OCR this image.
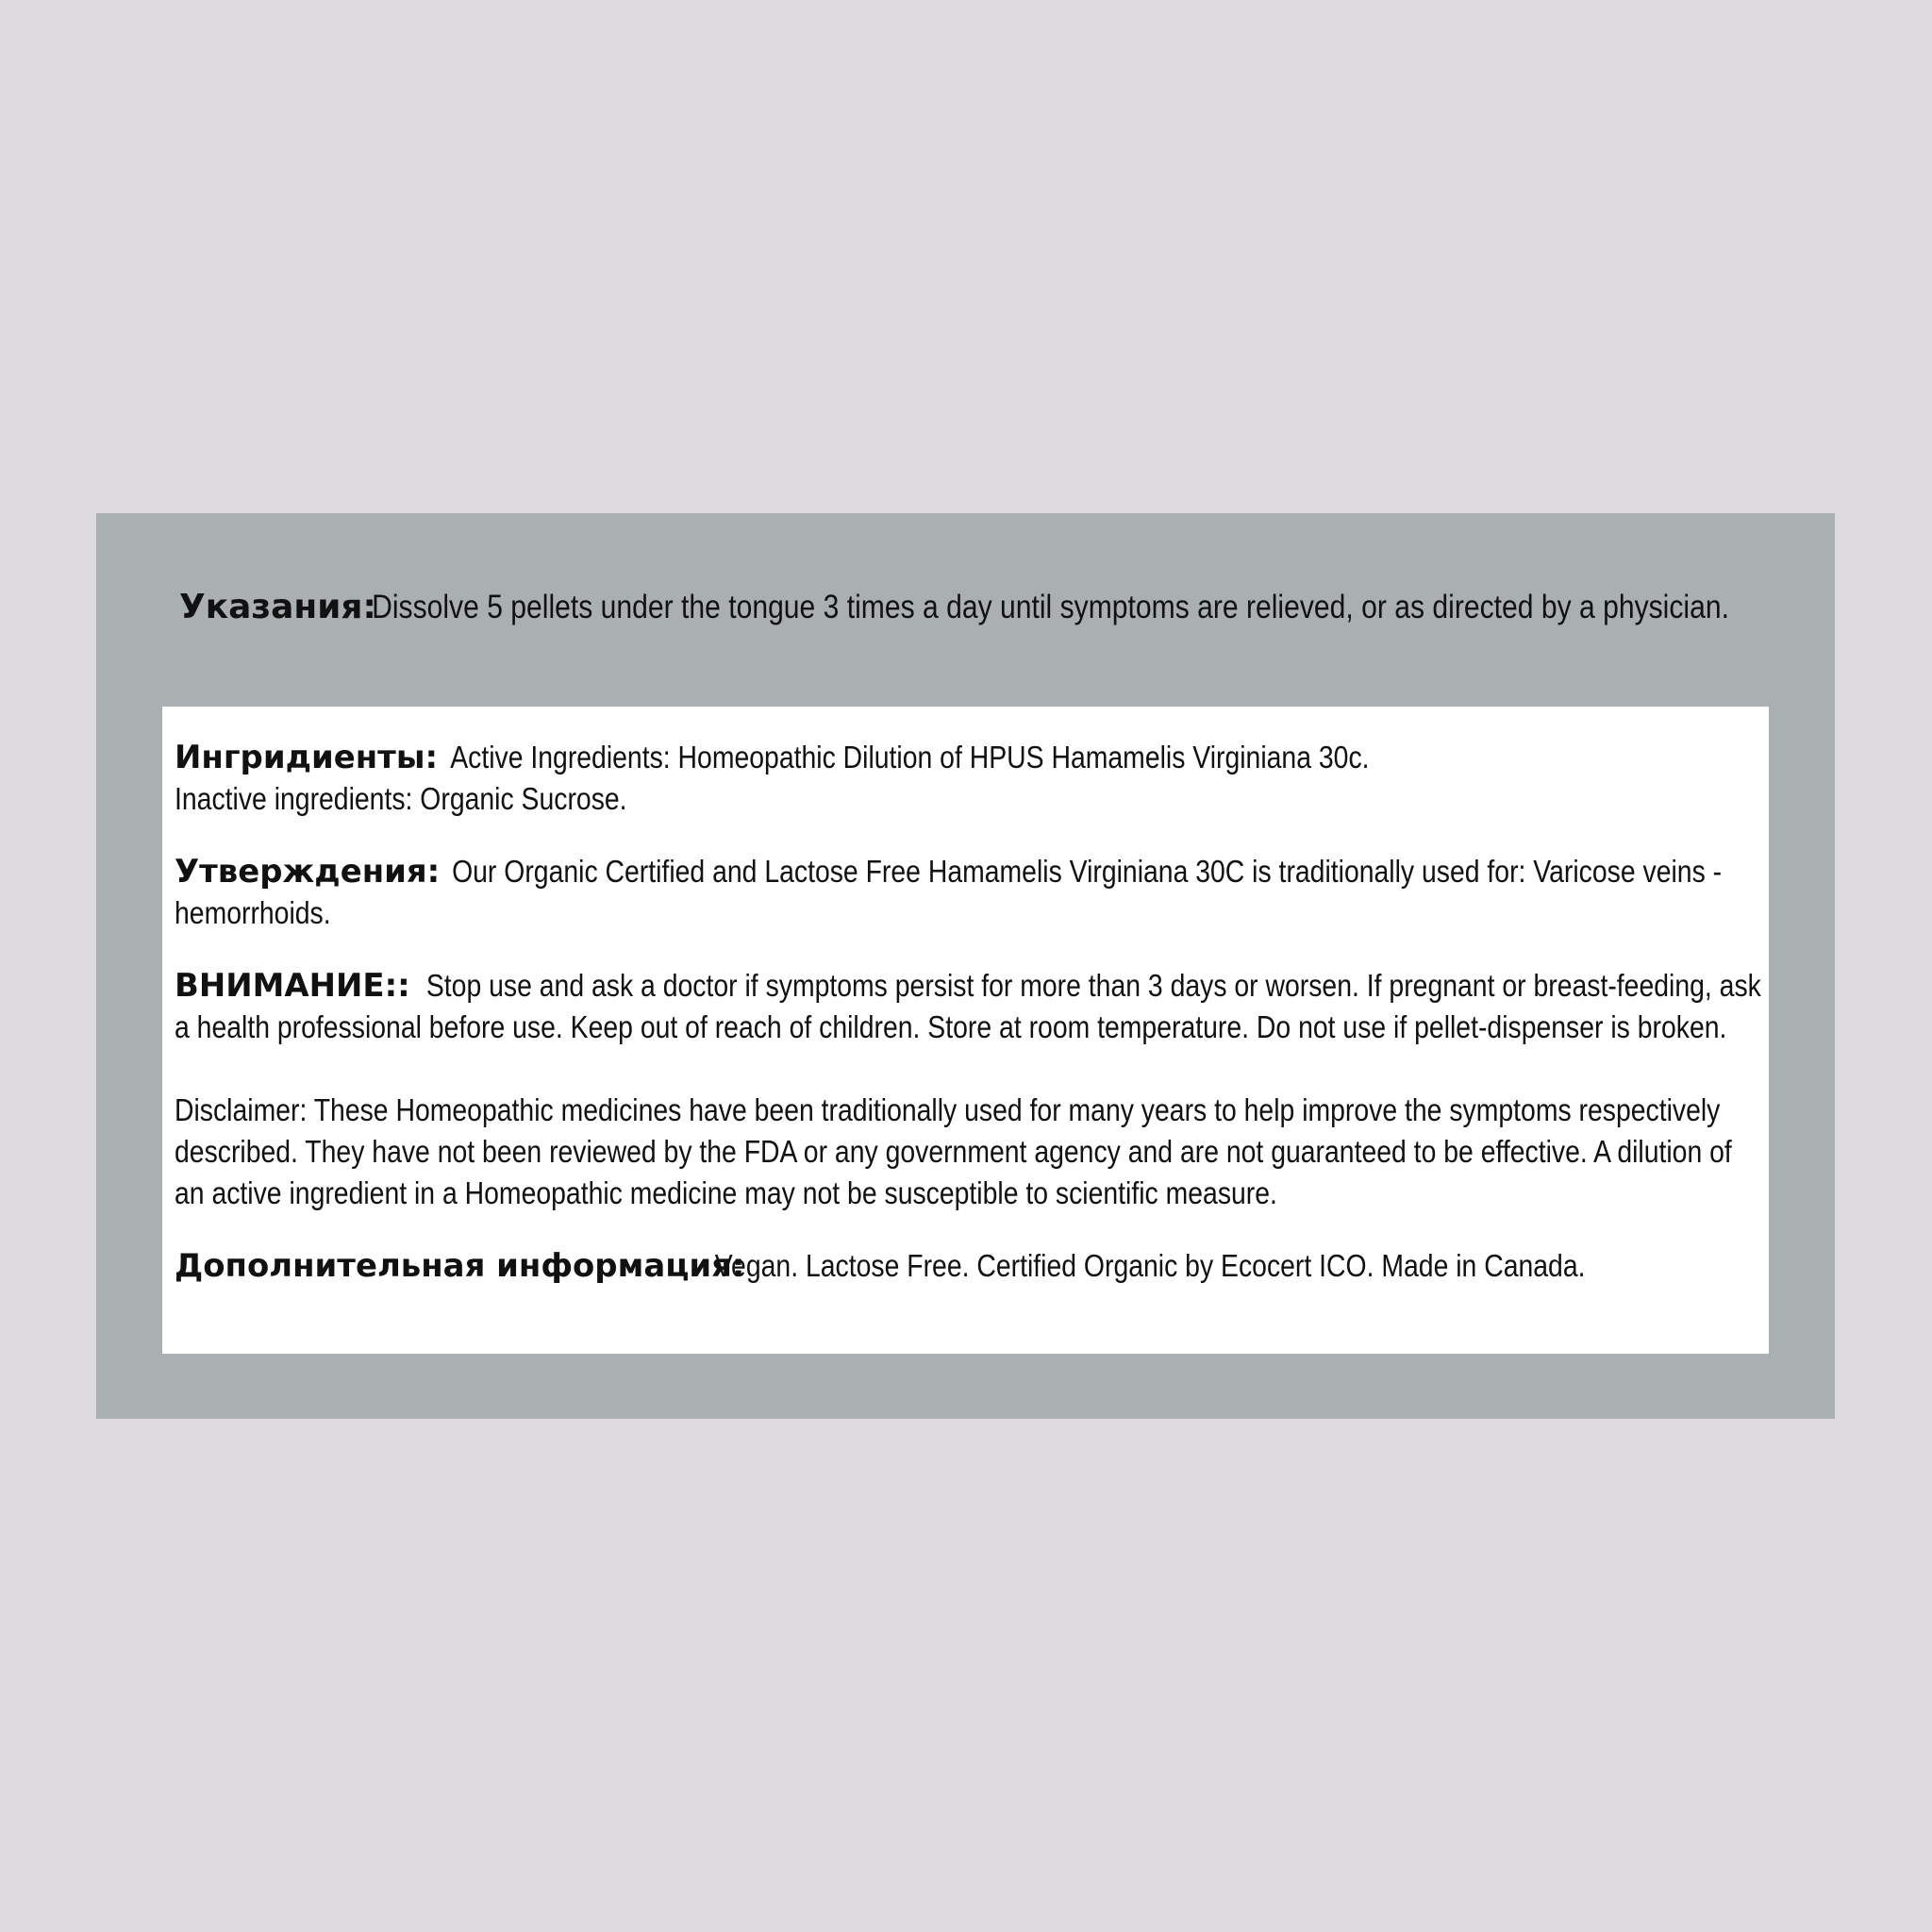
Указания:Dissolve 5 pellets under the tongue 3 times a day until symptoms are relieved, or as directed by a physician.
Ингридиенты: Active Ingredients: Homeopathic Dilution of HPUS Hamamelis Virginiana 30c.
Inactive ingredients: Organic Sucrose.
Утверждения: Our Organic Certified and Lactose Free Hamamelis Virginiana 30C is traditionally used for: Varicose veins - hemorrhoids.
ВНИМАНИЕ:: Stop use and ask a doctor if symptoms persist for more than 3 days or worsen. If pregnant or breast-feeding, ask a health professional before use. Keep out of reach of children. Store at room temperature. Do not use if pellet-dispenser is broken.
Disclaimer: These Homeopathic medicines have been traditionally used for many years to help improve the symptoms respectively described. They have not been reviewed by the FDA or any government agency and are not guaranteed to be effective. A dilution of an active ingredient in a Homeopathic medicine may not be susceptible to scientific measure.
Дополнительная информация:Vegan. Lactose Free. Certified Organic by Ecocert ICO. Made in Canada.
